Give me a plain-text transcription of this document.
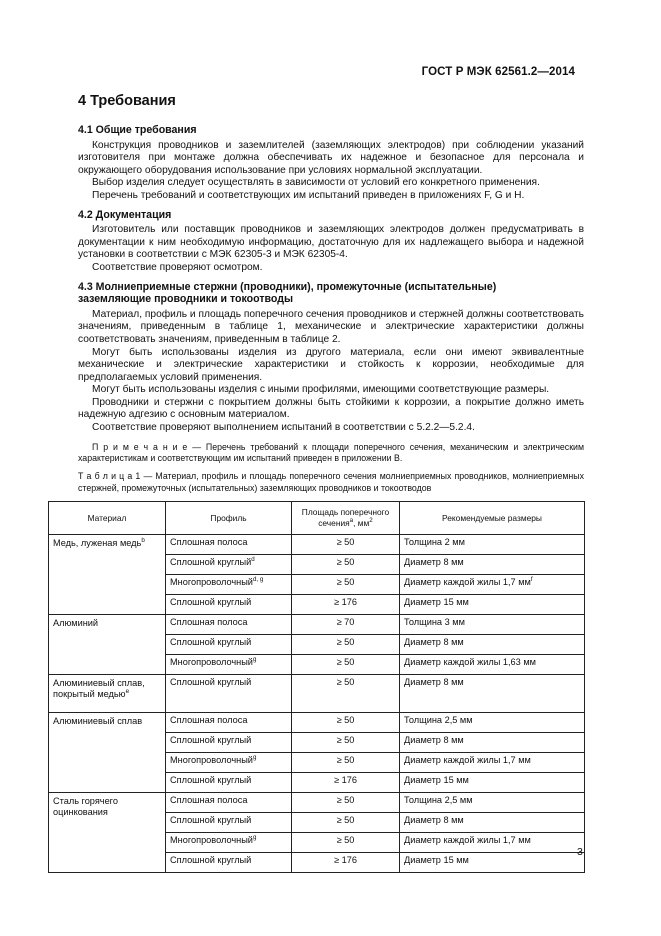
ГОСТ Р МЭК 62561.2—2014
4 Требования
4.1 Общие требования

Конструкция проводников и заземлителей (заземляющих электродов) при соблюдении указаний изготовителя при монтаже должна обеспечивать их надежное и безопасное для персонала и окружающего оборудования использование при условиях нормальной эксплуатации.

Выбор изделия следует осуществлять в зависимости от условий его конкретного применения.

Перечень требований и соответствующих им испытаний приведен в приложениях F, G и H.

4.2 Документация

Изготовитель или поставщик проводников и заземляющих электродов должен предусматривать в документации к ним необходимую информацию, достаточную для их надлежащего выбора и надежной установки в соответствии с МЭК 62305-3 и МЭК 62305-4.

Соответствие проверяют осмотром.

4.3 Молниеприемные стержни (проводники), промежуточные (испытательные)
заземляющие проводники и токоотводы

Материал, профиль и площадь поперечного сечения проводников и стержней должны соответствовать значениям, приведенным в таблице 1, механические и электрические характеристики должны соответствовать значениям, приведенным в таблице 2.

Могут быть использованы изделия из другого материала, если они имеют эквивалентные механические и электрические характеристики и стойкость к коррозии, необходимые для предполагаемых условий применения.

Могут быть использованы изделия с иными профилями, имеющими соответствующие размеры.

Проводники и стержни с покрытием должны быть стойкими к коррозии, а покрытие должно иметь надежную адгезию с основным материалом.

Соответствие проверяют выполнением испытаний в соответствии с 5.2.2—5.2.4.

П р и м е ч а н и е — Перечень требований к площади поперечного сечения, механическим и электрическим характеристикам и соответствующим им испытаний приведен в приложении В.
Т а б л и ц а 1 — Материал, профиль и площадь поперечного сечения молниеприемных проводников, молниеприемных стержней, промежуточных (испытательных) заземляющих проводников и токоотводов
Материал	Профиль	Площадь поперечного
сечения$^a$, $мм^2$	Рекомендуемые размеры
Медь, луженая медь$^b$	Сплошная полоса	≥ 50	Толщина 2 мм
	Сплошной круглый$^d$	≥ 50	Диаметр 8 мм
	Многопроволочный$^{d, g}$	≥ 50	Диаметр каждой жилы 1,7 $мм^f$
	Сплошной круглый	≥ 176	Диаметр 15 мм
Алюминий	Сплошная полоса	≥ 70	Толщина 3 мм
	Сплошной круглый	≥ 50	Диаметр 8 мм
	Многопроволочный$^g$	≥ 50	Диаметр каждой жилы 1,63 мм
Алюминиевый сплав, покрытый медью$^e$	Сплошной круглый	≥ 50	Диаметр 8 мм
Алюминиевый сплав	Сплошная полоса	≥ 50	Толщина 2,5 мм
	Сплошной круглый	≥ 50	Диаметр 8 мм
	Многопроволочный$^g$	≥ 50	Диаметр каждой жилы 1,7 мм
	Сплошной круглый	≥ 176	Диаметр 15 мм
Сталь горячего оцинкования	Сплошная полоса	≥ 50	Толщина 2,5 мм
	Сплошной круглый	≥ 50	Диаметр 8 мм
	Многопроволочный$^g$	≥ 50	Диаметр каждой жилы 1,7 мм
	Сплошной круглый	≥ 176	Диаметр 15 мм
3
